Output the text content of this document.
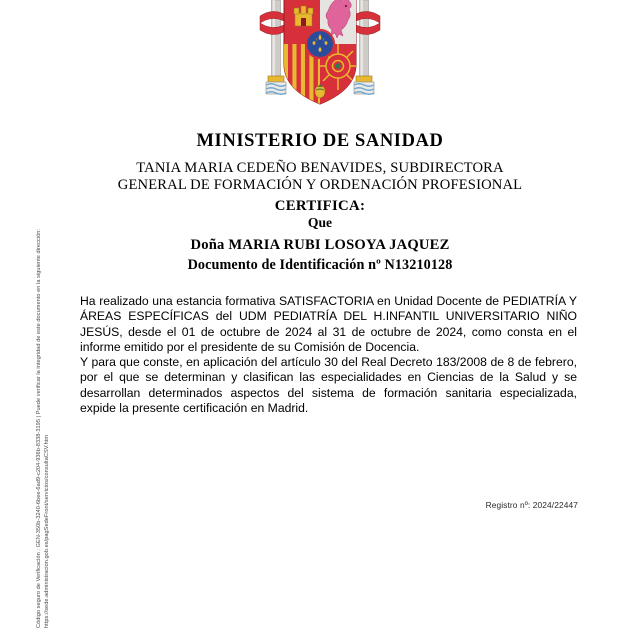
MINISTERIO DE SANIDAD
TANIA MARIA CEDEÑO BENAVIDES, SUBDIRECTORA
GENERAL DE FORMACIÓN Y ORDENACIÓN PROFESIONAL
CERTIFICA:
Que
Doña MARIA RUBI LOSOYA JAQUEZ
Documento de Identificación nº N13210128
Ha realizado una estancia formativa SATISFACTORIA en Unidad Docente de PEDIATRÍA Y ÁREAS ESPECÍFICAS del UDM PEDIATRÍA DEL H.INFANTIL UNIVERSITARIO NIÑO JESÚS, desde el 01 de octubre de 2024 al 31 de octubre de 2024, como consta en el informe emitido por el presidente de su Comisión de Docencia.
Y para que conste, en aplicación del artículo 30 del Real Decreto 183/2008 de 8 de febrero, por el que se determinan y clasifican las especialidades en Ciencias de la Salud y se desarrollan determinados aspectos del sistema de formación sanitaria especializada, expide la presente certificación en Madrid.
Registro nº: 2024/22447
Código seguro de Verificación : GEN-350b-3240-6bee-6ad9-c204-936b-8338-3195 | Puede verificar la integridad de este documento en la siguiente dirección: https://sede.administracion.gob.es/pagSedeFront/servicios/consultaCSV.htm
